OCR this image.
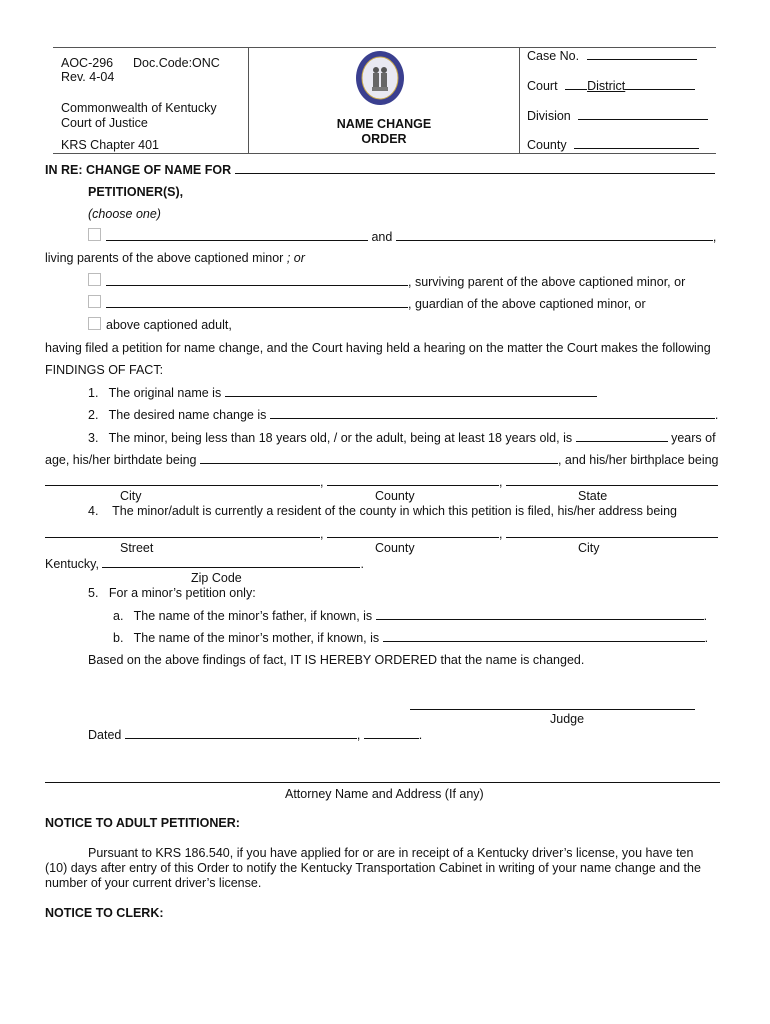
AOC-296 Doc.Code:ONC
Rev. 4-04
Commonwealth of Kentucky
Court of Justice
KRS Chapter 401
NAME CHANGE
ORDER
Case No.
Court District
Division
County
IN RE: CHANGE OF NAME FOR
PETITIONER(S),
(choose one)
and	,
living parents of the above captioned minor ; or
, surviving parent of the above captioned minor, or
, guardian of the above captioned minor, or
above captioned adult,
having filed a petition for name change, and the Court having held a hearing on the matter the Court makes the following
FINDINGS OF FACT:
1. The original name is
2. The desired name change is	.
3. The minor, being less than 18 years old, / or the adult, being at least 18 years old, is	years of
age, his/her birthdate being	, and his/her birthplace being
,	,
City	County	State
4. The minor/adult is currently a resident of the county in which this petition is filed, his/her address being
,	,
Street	County	City
Kentucky,	.
Zip Code
5. For a minor’s petition only:
a. The name of the minor’s father, if known, is	.
b. The name of the minor’s mother, if known, is	.
Based on the above findings of fact, IT IS HEREBY ORDERED that the name is changed.
Judge
Dated	,	.
Attorney Name and Address (If any)
NOTICE TO ADULT PETITIONER:
Pursuant to KRS 186.540, if you have applied for or are in receipt of a Kentucky driver’s license, you have ten
(10) days after entry of this Order to notify the Kentucky Transportation Cabinet in writing of your name change and the
number of your current driver’s license.
NOTICE TO CLERK:
